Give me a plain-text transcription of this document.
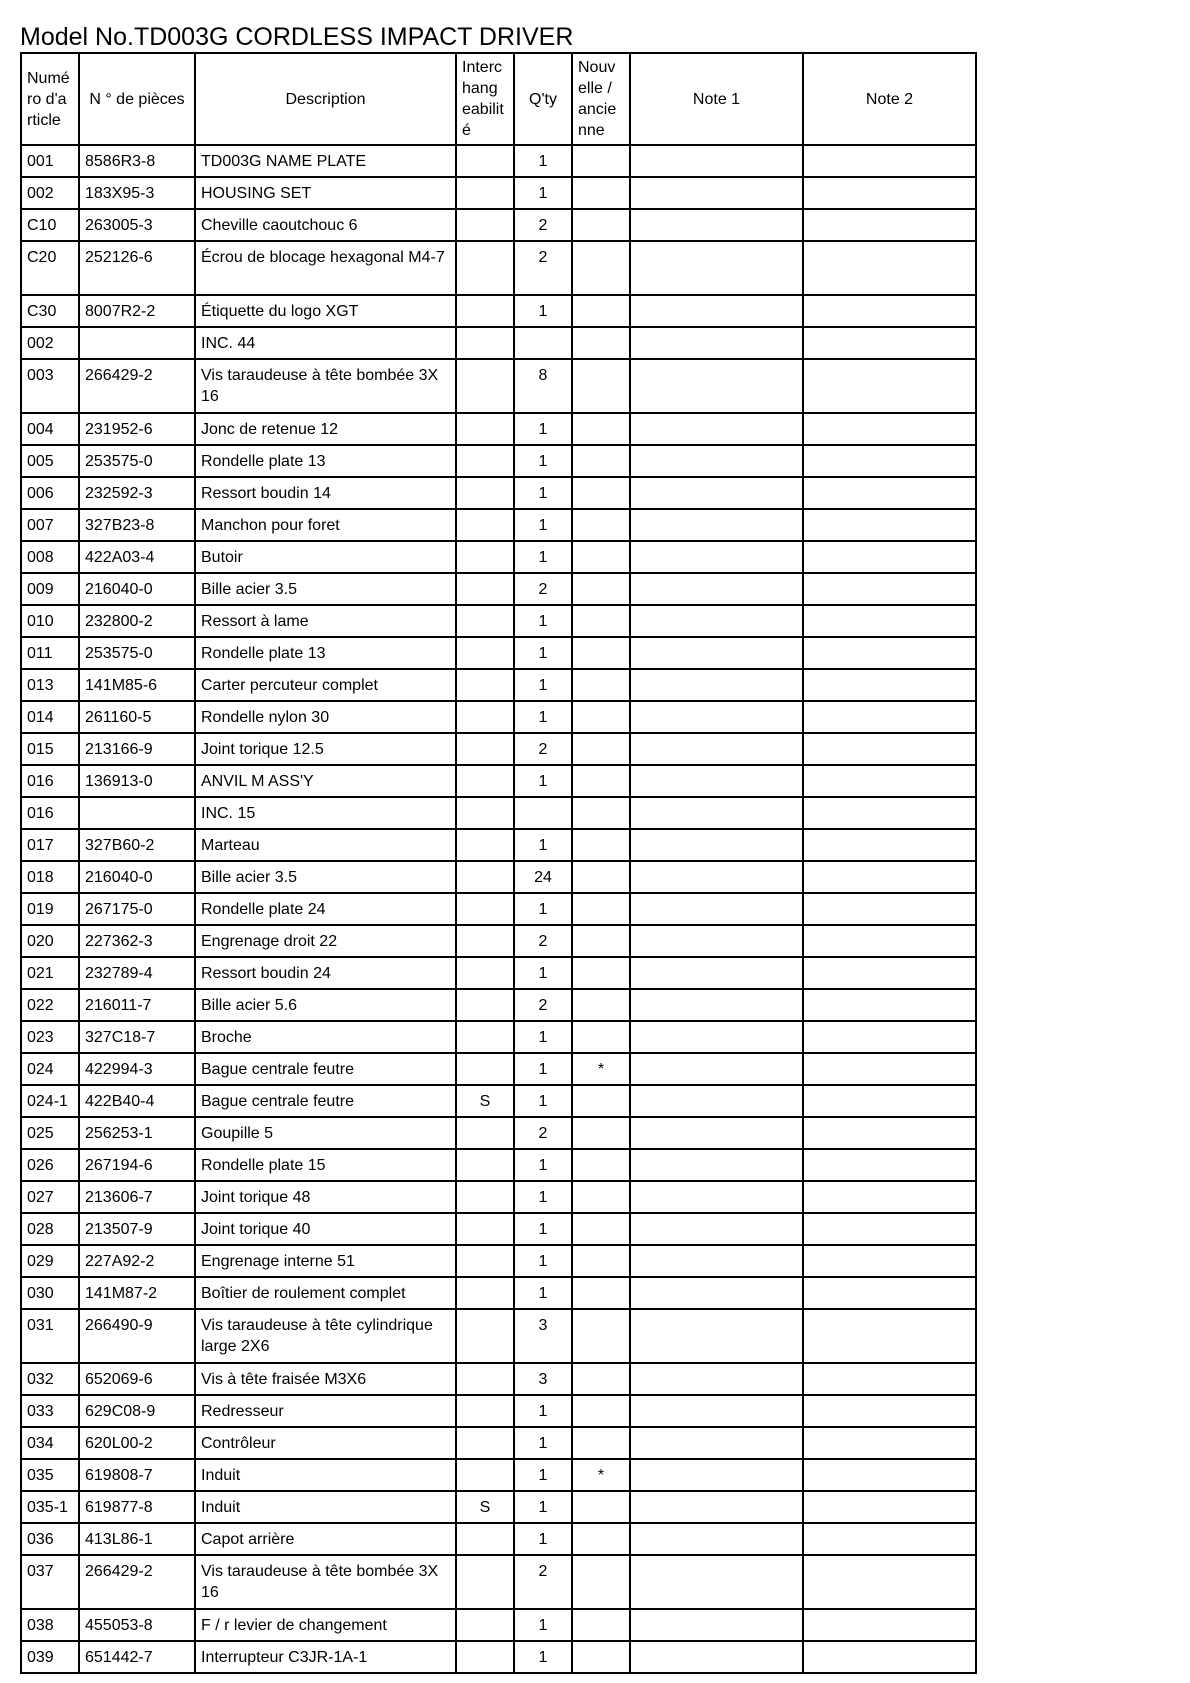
Model No.TD003G CORDLESS IMPACT DRIVER
Numé ro d'a rticle	N ° de pièces	Description	Interc hang eabilit é	Q'ty	Nouv elle / ancie nne	Note 1	Note 2
001	8586R3-8	TD003G NAME PLATE		1			
002	183X95-3	HOUSING SET		1			
C10	263005-3	Cheville caoutchouc 6		2			
C20	252126-6	Écrou de blocage hexagonal M4-7		2			
C30	8007R2-2	Étiquette du logo XGT		1			
002		INC. 44					
003	266429-2	Vis taraudeuse à tête bombée 3X 16		8			
004	231952-6	Jonc de retenue 12		1			
005	253575-0	Rondelle plate 13		1			
006	232592-3	Ressort boudin 14		1			
007	327B23-8	Manchon pour foret		1			
008	422A03-4	Butoir		1			
009	216040-0	Bille acier 3.5		2			
010	232800-2	Ressort à lame		1			
011	253575-0	Rondelle plate 13		1			
013	141M85-6	Carter percuteur complet		1			
014	261160-5	Rondelle nylon 30		1			
015	213166-9	Joint torique 12.5		2			
016	136913-0	ANVIL M ASS'Y		1			
016		INC. 15					
017	327B60-2	Marteau		1			
018	216040-0	Bille acier 3.5		24			
019	267175-0	Rondelle plate 24		1			
020	227362-3	Engrenage droit 22		2			
021	232789-4	Ressort boudin 24		1			
022	216011-7	Bille acier 5.6		2			
023	327C18-7	Broche		1			
024	422994-3	Bague centrale feutre		1	*		
024-1	422B40-4	Bague centrale feutre	S	1			
025	256253-1	Goupille 5		2			
026	267194-6	Rondelle plate 15		1			
027	213606-7	Joint torique 48		1			
028	213507-9	Joint torique 40		1			
029	227A92-2	Engrenage interne 51		1			
030	141M87-2	Boîtier de roulement complet		1			
031	266490-9	Vis taraudeuse à tête cylindrique large 2X6		3			
032	652069-6	Vis à tête fraisée M3X6		3			
033	629C08-9	Redresseur		1			
034	620L00-2	Contrôleur		1			
035	619808-7	Induit		1	*		
035-1	619877-8	Induit	S	1			
036	413L86-1	Capot arrière		1			
037	266429-2	Vis taraudeuse à tête bombée 3X 16		2			
038	455053-8	F / r levier de changement		1			
039	651442-7	Interrupteur C3JR-1A-1		1			
